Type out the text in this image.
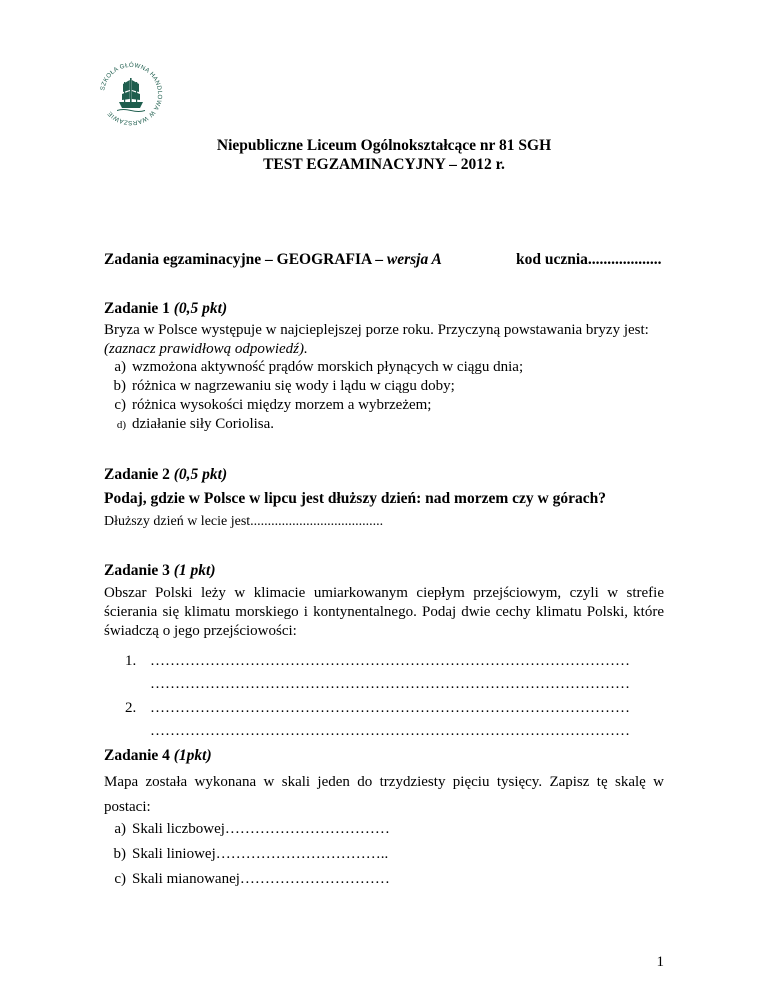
SZKOŁA GŁÓWNA HANDLOWA W WARSZAWIE
Niepubliczne Liceum Ogólnokształcące nr 81 SGH
TEST EGZAMINACYJNY – 2012 r.
Zadania egzaminacyjne – GEOGRAFIA – wersja A	kod ucznia...................
Zadanie 1 (0,5 pkt)
Bryza w Polsce występuje w najcieplejszej porze roku. Przyczyną powstawania bryzy jest:
(zaznacz prawidłową odpowiedź).
a) wzmożona aktywność prądów morskich płynących w ciągu dnia;
b) różnica w nagrzewaniu się wody i lądu w ciągu doby;
c) różnica wysokości między morzem a wybrzeżem;
d) działanie siły Coriolisa.
Zadanie 2 (0,5 pkt)
Podaj, gdzie w Polsce w lipcu jest dłuższy dzień: nad morzem czy w górach?
Dłuższy dzień w lecie jest......................................
Zadanie 3 (1 pkt)
Obszar Polski leży w klimacie umiarkowanym ciepłym przejściowym, czyli w strefie ścierania się klimatu morskiego i kontynentalnego. Podaj dwie cechy klimatu Polski, które świadczą o jego przejściowości:
1. ……………………………………………………………………………………
……………………………………………………………………………………
2. ……………………………………………………………………………………
……………………………………………………………………………………
Zadanie 4 (1pkt)
Mapa została wykonana w skali jeden do trzydziesty pięciu tysięcy. Zapisz tę skalę w postaci:
a) Skali liczbowej……………………………
b) Skali liniowej……………………………..
c) Skali mianowanej…………………………
1
